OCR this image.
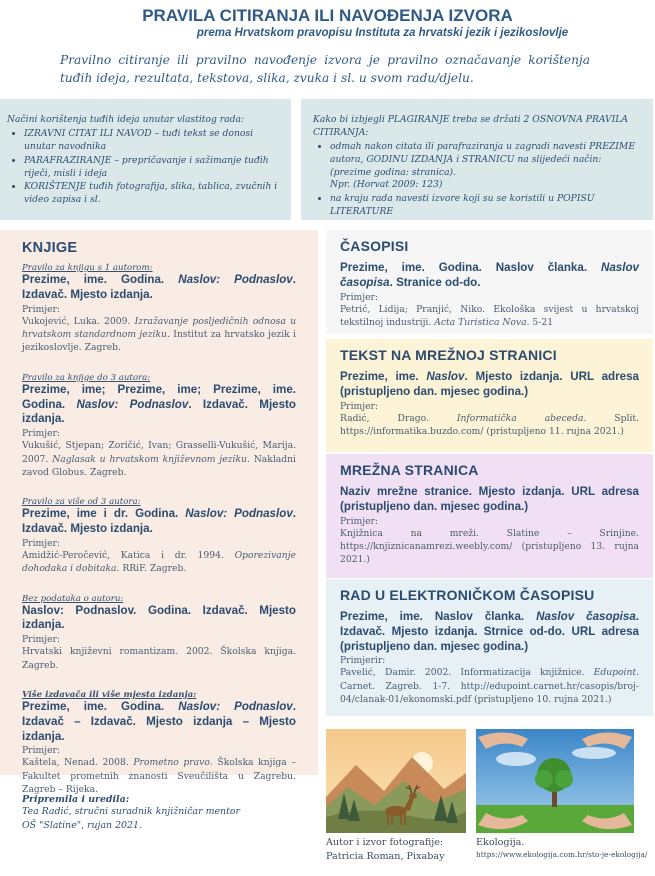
PRAVILA CITIRANJA ILI NAVOĐENJA IZVORA
prema Hrvatskom pravopisu Instituta za hrvatski jezik i jezikoslovlje
Pravilno citiranje ili pravilno navođenje izvora je pravilno označavanje korištenja tuđih ideja, rezultata, tekstova, slika, zvuka i sl. u svom radu/djelu.
Načini korištenja tuđih ideja unutar vlastitog rada:
• IZRAVNI CITAT ILI NAVOD – tuđi tekst se donosi unutar navodnika
• PARAFRAZIRANJE – prepričavanje i sažimanje tuđih riječi, misli i ideja
• KORIŠTENJE tuđih fotografija, slika, tablica, zvučnih i video zapisa i sl.
Kako bi izbjegli PLAGIRANJE treba se držati 2 OSNOVNA PRAVILA CITIRANJA:
• odmah nakon citata ili parafraziranja u zagradi navesti PREZIME autora, GODINU IZDANJA i STRANICU na slijedeći način: (prezime godina: stranica).
Npr. (Horvat 2009: 123)
• na kraju rada navesti izvore koji su se koristili u POPISU LITERATURE
KNJIGE
Pravilo za knjigu s 1 autorom:
Prezime, ime. Godina. Naslov: Podnaslov. Izdavač. Mjesto izdanja.
Primjer:
Vukojević, Luka. 2009. Izražavanje posljedičnih odnosa u hrvatskom standardnom jeziku. Institut za hrvatsko jezik i jezikoslovlje. Zagreb.
Pravilo za knjige do 3 autora:
Prezime, ime; Prezime, ime; Prezime, ime. Godina. Naslov: Podnaslov. Izdavač. Mjesto izdanja.
Primjer:
Vukušić, Stjepan; Zoričić, Ivan; Grasselli-Vukušić, Marija. 2007. Naglasak u hrvatskom književnom jeziku. Nakladni zavod Globus. Zagreb.
Pravilo za više od 3 autora:
Prezime, ime i dr. Godina. Naslov: Podnaslov. Izdavač. Mjesto izdanja.
Primjer:
Amidžić-Peročević, Katica i dr. 1994. Oporezivanje dohodaka i dobitaka. RRiF. Zagreb.
Bez podataka o autoru:
Naslov: Podnaslov. Godina. Izdavač. Mjesto izdanja.
Primjer:
Hrvatski književni romantizam. 2002. Školska knjiga. Zagreb.
Više izdavača ili više mjesta izdanja:
Prezime, ime. Godina. Naslov: Podnaslov. Izdavač – Izdavač. Mjesto izdanja – Mjesto izdanja.
Primjer:
Kaštela, Nenad. 2008. Prometno pravo. Školska knjiga – Fakultet prometnih znanosti Sveučilišta u Zagrebu. Zagreb – Rijeka.
ČASOPISI
Prezime, ime. Godina. Naslov članka. Naslov časopisa. Stranice od-do.
Primjer:
Petrić, Lidija; Pranjić, Niko. Ekološka svijest u hrvatskoj tekstilnoj industriji. Acta Turistica Nova. 5-21
TEKST NA MREŽNOJ STRANICI
Prezime, ime. Naslov. Mjesto izdanja. URL adresa (pristupljeno dan. mjesec godina.)
Primjer:
Radić, Drago. Informatička abeceda. Split. https://informatika.buzdo.com/ (pristupljeno 11. rujna 2021.)
MREŽNA STRANICA
Naziv mrežne stranice. Mjesto izdanja. URL adresa (pristupljeno dan. mjesec godina.)
Primjer:
Knjižnica na mreži. Slatine – Srinjine. https://knjiznicanamrezi.weebly.com/ (pristupljeno 13. rujna 2021.)
RAD U ELEKTRONIČKOM ČASOPISU
Prezime, ime. Naslov članka. Naslov časopisa. Izdavač. Mjesto izdanja. Strnice od-do. URL adresa (pristupljeno dan. mjesec godina.)
Primjerir:
Pavelić, Damir. 2002. Informatizacija knjižnice. Edupoint. Carnet. Zagreb. 1-7. http://edupoint.carnet.hr/casopis/broj-04/clanak-01/ekonomski.pdf (pristupljeno 10. rujna 2021.)
Pripremila i uredila:
Tea Radić, stručni suradnik knjižničar mentor
OŠ "Slatine", rujan 2021.
Autor i izvor fotografije:
Patricia Roman, Pixabay
Ekologija.
https://www.ekologija.com.hr/sto-je-ekologija/
